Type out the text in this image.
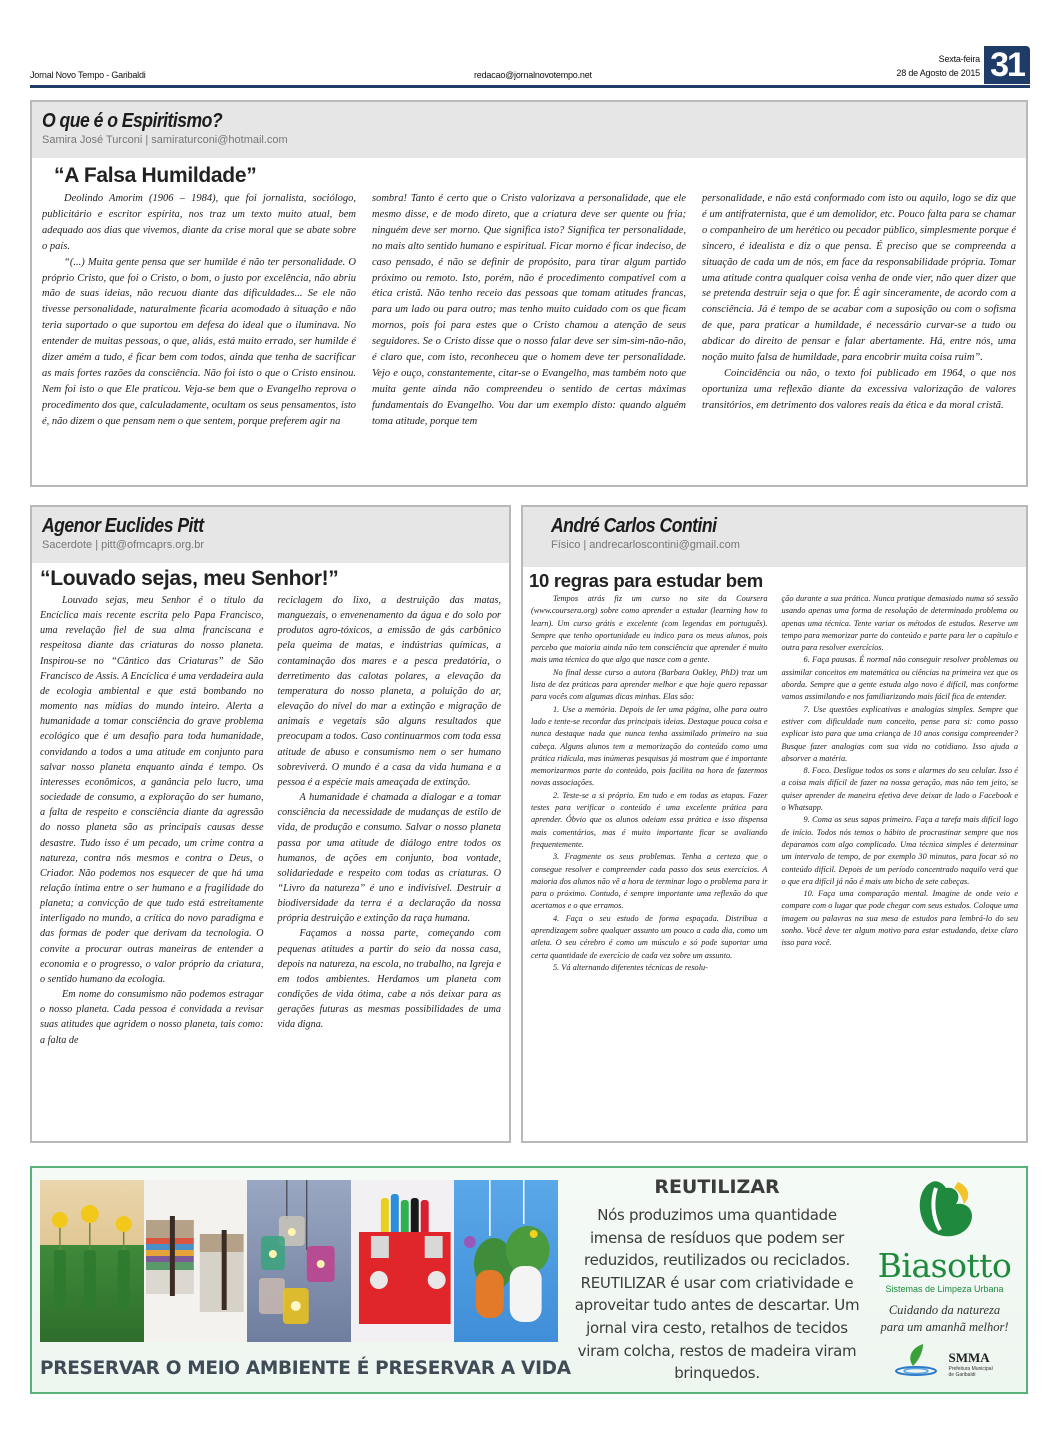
Jornal Novo Tempo - Garibaldi	redacao@jornalnovotempo.net
Sexta-feira
28 de Agosto de 2015 31
O que é o Espiritismo?
Samira José Turconi | samiraturconi@hotmail.com
“A Falsa Humildade”

Deolindo Amorim (1906 – 1984), que foi jornalista, sociólogo, publicitário e escritor espírita, nos traz um texto muito atual, bem adequado aos dias que vivemos, diante da crise moral que se abate sobre o país.

“(...) Muita gente pensa que ser humilde é não ter personalidade. O próprio Cristo, que foi o Cristo, o bom, o justo por excelência, não abriu mão de suas ideias, não recuou diante das dificuldades... Se ele não tivesse personalidade, naturalmente ficaria acomodado à situação e não teria suportado o que suportou em defesa do ideal que o iluminava. No entender de muitas pessoas, o que, aliás, está muito errado, ser humilde é dizer amém a tudo, é ficar bem com todos, ainda que tenha de sacrificar as mais fortes razões da consciência. Não foi isto o que o Cristo ensinou. Nem foi isto o que Ele praticou. Veja-se bem que o Evangelho reprova o procedimento dos que, calculadamente, ocultam os seus pensamentos, isto é, não dizem o que pensam nem o que sentem, porque preferem agir na

sombra! Tanto é certo que o Cristo valorizava a personalidade, que ele mesmo disse, e de modo direto, que a criatura deve ser quente ou fria; ninguém deve ser morno. Que significa isto? Significa ter personalidade, no mais alto sentido humano e espiritual. Ficar morno é ficar indeciso, de caso pensado, é não se definir de propósito, para tirar algum partido próximo ou remoto. Isto, porém, não é procedimento compatível com a ética cristã. Não tenho receio das pessoas que tomam atitudes francas, para um lado ou para outro; mas tenho muito cuidado com os que ficam mornos, pois foi para estes que o Cristo chamou a atenção de seus seguidores. Se o Cristo disse que o nosso falar deve ser sim-sim-não-não, é claro que, com isto, reconheceu que o homem deve ter personalidade. Vejo e ouço, constantemente, citar-se o Evangelho, mas também noto que muita gente ainda não compreendeu o sentido de certas máximas fundamentais do Evangelho. Vou dar um exemplo disto: quando alguém toma atitude, porque tem

personalidade, e não está conformado com isto ou aquilo, logo se diz que é um antifraternista, que é um demolidor, etc. Pouco falta para se chamar o companheiro de um herético ou pecador público, simplesmente porque é sincero, é idealista e diz o que pensa. É preciso que se compreenda a situação de cada um de nós, em face da responsabilidade própria. Tomar uma atitude contra qualquer coisa venha de onde vier, não quer dizer que se pretenda destruir seja o que for. É agir sinceramente, de acordo com a consciência. Já é tempo de se acabar com a suposição ou com o sofisma de que, para praticar a humildade, é necessário curvar-se a tudo ou abdicar do direito de pensar e falar abertamente. Há, entre nós, uma noção muito falsa de humildade, para encobrir muita coisa ruim”.

Coincidência ou não, o texto foi publicado em 1964, o que nos oportuniza uma reflexão diante da excessiva valorização de valores transitórios, em detrimento dos valores reais da ética e da moral cristã.

Agenor Euclides Pitt
Sacerdote | pitt@ofmcaprs.org.br
“Louvado sejas, meu Senhor!”

Louvado sejas, meu Senhor é o título da Encíclica mais recente escrita pelo Papa Francisco, uma revelação fiel de sua alma franciscana e respeitosa diante das criaturas do nosso planeta. Inspirou-se no “Cântico das Criaturas” de São Francisco de Assis. A Encíclica é uma verdadeira aula de ecologia ambiental e que está bombando no momento nas mídias do mundo inteiro. Alerta a humanidade a tomar consciência do grave problema ecológico que é um desafio para toda humanidade, convidando a todos a uma atitude em conjunto para salvar nosso planeta enquanto ainda é tempo. Os interesses econômicos, a ganância pelo lucro, uma sociedade de consumo, a exploração do ser humano, a falta de respeito e consciência diante da agressão do nosso planeta são as principais causas desse desastre. Tudo isso é um pecado, um crime contra a natureza, contra nós mesmos e contra o Deus, o Criador. Não podemos nos esquecer de que há uma relação íntima entre o ser humano e a fragilidade do planeta; a convicção de que tudo está estreitamente interligado no mundo, a crítica do novo paradigma e das formas de poder que derivam da tecnologia. O convite a procurar outras maneiras de entender a economia e o progresso, o valor próprio da criatura, o sentido humano da ecologia.

Em nome do consumismo não podemos estragar o nosso planeta. Cada pessoa é convidada a revisar suas atitudes que agridem o nosso planeta, tais como: a falta de

reciclagem do lixo, a destruição das matas, manguezais, o envenenamento da água e do solo por produtos agro-tóxicos, a emissão de gás carbônico pela queima de matas, e indústrias químicas, a contaminação dos mares e a pesca predatória, o derretimento das calotas polares, a elevação da temperatura do nosso planeta, a poluição do ar, elevação do nível do mar a extinção e migração de animais e vegetais são alguns resultados que preocupam a todos. Caso continuarmos com toda essa atitude de abuso e consumismo nem o ser humano sobreviverá. O mundo é a casa da vida humana e a pessoa é a espécie mais ameaçada de extinção.

A humanidade é chamada a dialogar e a tomar consciência da necessidade de mudanças de estilo de vida, de produção e consumo. Salvar o nosso planeta passa por uma atitude de diálogo entre todos os humanos, de ações em conjunto, boa vontade, solidariedade e respeito com todas as criaturas. O “Livro da natureza” é uno e indivisível. Destruir a biodiversidade da terra é a declaração da nossa própria destruição e extinção da raça humana.

Façamos a nossa parte, começando com pequenas atitudes a partir do seio da nossa casa, depois na natureza, na escola, no trabalho, na Igreja e em todos ambientes. Herdamos um planeta com condições de vida ótima, cabe a nós deixar para as gerações futuras as mesmas possibilidades de uma vida digna.

André Carlos Contini
Físico | andrecarloscontini@gmail.com
10 regras para estudar bem

Tempos atrás fiz um curso no site da Coursera (www.coursera.org) sobre como aprender a estudar (learning how to learn). Um curso grátis e excelente (com legendas em português). Sempre que tenho oportunidade eu indico para os meus alunos, pois percebo que maioria ainda não tem consciência que aprender é muito mais uma técnica do que algo que nasce com a gente.

No final desse curso a autora (Barbara Oakley, PhD) traz um lista de dez práticas para aprender melhor e que hoje quero repassar para vocês com algumas dicas minhas. Elas são:

1. Use a memória. Depois de ler uma página, olhe para outro lado e tente-se recordar das principais ideias. Destaque pouca coisa e nunca destaque nada que nunca tenha assimilado primeiro na sua cabeça. Alguns alunos tem a memorização do conteúdo como uma prática ridícula, mas inúmeras pesquisas já mostram que é importante memorizarmos parte do conteúdo, pois facilita na hora de fazermos novas associações.

2. Teste-se a si próprio. Em tudo e em todas as etapas. Fazer testes para verificar o conteúdo é uma excelente prática para aprender. Óbvio que os alunos odeiam essa prática e isso dispensa mais comentários, mas é muito importante ficar se avaliando frequentemente.

3. Fragmente os seus problemas. Tenha a certeza que o consegue resolver e compreender cada passo dos seus exercícios. A maioria dos alunos não vê a hora de terminar logo o problema para ir para o próximo. Contudo, é sempre importante uma reflexão do que acertamos e o que erramos.

4. Faça o seu estudo de forma espaçada. Distribua a aprendizagem sobre qualquer assunto um pouco a cada dia, como um atleta. O seu cérebro é como um músculo e só pode suportar uma certa quantidade de exercício de cada vez sobre um assunto.

5. Vá alternando diferentes técnicas de resolu-

ção durante a sua prática. Nunca pratique demasiado numa só sessão usando apenas uma forma de resolução de determinado problema ou apenas uma técnica. Tente variar os métodos de estudos. Reserve um tempo para memorizar parte do conteúdo e parte para ler o capítulo e outra para resolver exercícios.

6. Faça pausas. É normal não conseguir resolver problemas ou assimilar conceitos em matemática ou ciências na primeira vez que os aborda. Sempre que a gente estuda algo novo é difícil, mas conforme vamos assimilando e nos familiarizando mais fácil fica de entender.

7. Use questões explicativas e analogias simples. Sempre que estiver com dificuldade num conceito, pense para si: como posso explicar isto para que uma criança de 10 anos consiga compreender? Busque fazer analogias com sua vida no cotidiano. Isso ajuda a absorver a matéria.

8. Foco. Desligue todos os sons e alarmes do seu celular. Isso é a coisa mais difícil de fazer na nossa geração, mas não tem jeito, se quiser aprender de maneira efetiva deve deixar de lado o Facebook e o Whatsapp.

9. Coma os seus sapos primeiro. Faça a tarefa mais difícil logo de início. Todos nós temos o hábito de procrastinar sempre que nos deparamos com algo complicado. Uma técnica simples é determinar um intervalo de tempo, de por exemplo 30 minutos, para focar só no conteúdo difícil. Depois de um período concentrado naquilo verá que o que era difícil já não é mais um bicho de sete cabeças.

10. Faça uma comparação mental. Imagine de onde veio e compare com o lugar que pode chegar com seus estudos. Coloque uma imagem ou palavras na sua mesa de estudos para lembrá-lo do seu sonho. Você deve ter algum motivo para estar estudando, deixe claro isso para você.

PRESERVAR O MEIO AMBIENTE É PRESERVAR A VIDA
REUTILIZAR
Nós produzimos uma quantidade imensa de resíduos que podem ser reduzidos, reutilizados ou reciclados. REUTILIZAR é usar com criatividade e aproveitar tudo antes de descartar. Um jornal vira cesto, retalhos de tecidos viram colcha, restos de madeira viram brinquedos.
Biasotto
Sistemas de Limpeza Urbana
Cuidando da natureza
para um amanhã melhor!
SMMA
Prefeitura Municipal de Garibaldi
